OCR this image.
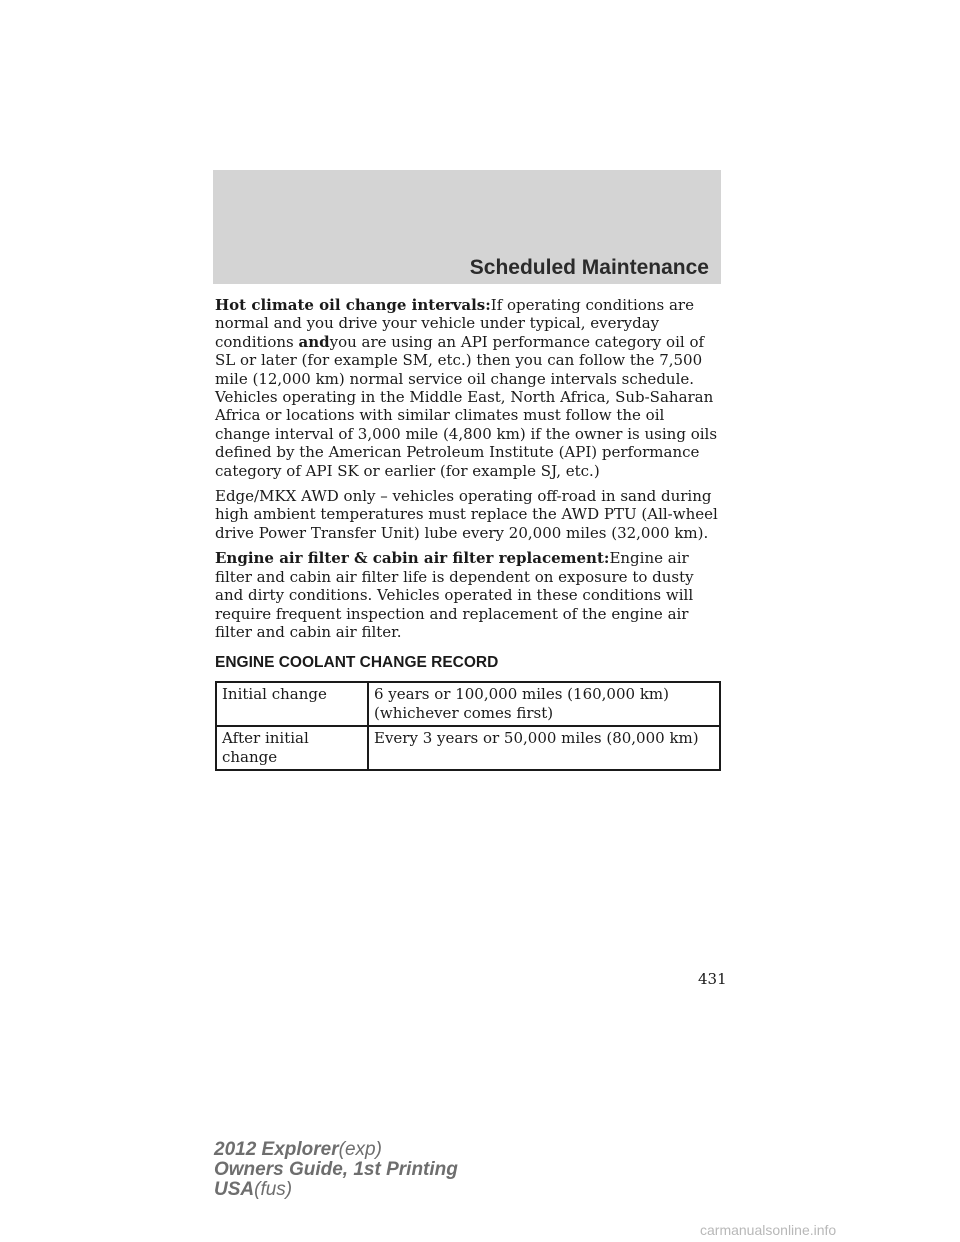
Scheduled Maintenance

Hot climate oil change intervals:If operating conditions are normal and you drive your vehicle under typical, everyday conditions andyou are using an API performance category oil of SL or later (for example SM, etc.) then you can follow the 7,500 mile (12,000 km) normal service oil change intervals schedule. Vehicles operating in the Middle East, North Africa, Sub-Saharan Africa or locations with similar climates must follow the oil change interval of 3,000 mile (4,800 km) if the owner is using oils defined by the American Petroleum Institute (API) performance category of API SK or earlier (for example SJ, etc.)

Edge/MKX AWD only – vehicles operating off-road in sand during high ambient temperatures must replace the AWD PTU (All-wheel drive Power Transfer Unit) lube every 20,000 miles (32,000 km).

Engine air filter & cabin air filter replacement:Engine air filter and cabin air filter life is dependent on exposure to dusty and dirty conditions. Vehicles operated in these conditions will require frequent inspection and replacement of the engine air filter and cabin air filter.

ENGINE COOLANT CHANGE RECORD
Initial change	6 years or 100,000 miles (160,000 km)
(whichever comes first)

After initial change	Every 3 years or 50,000 miles (80,000 km)
431
2012 Explorer(exp)
Owners Guide, 1st Printing
USA(fus)
carmanualsonline.info
